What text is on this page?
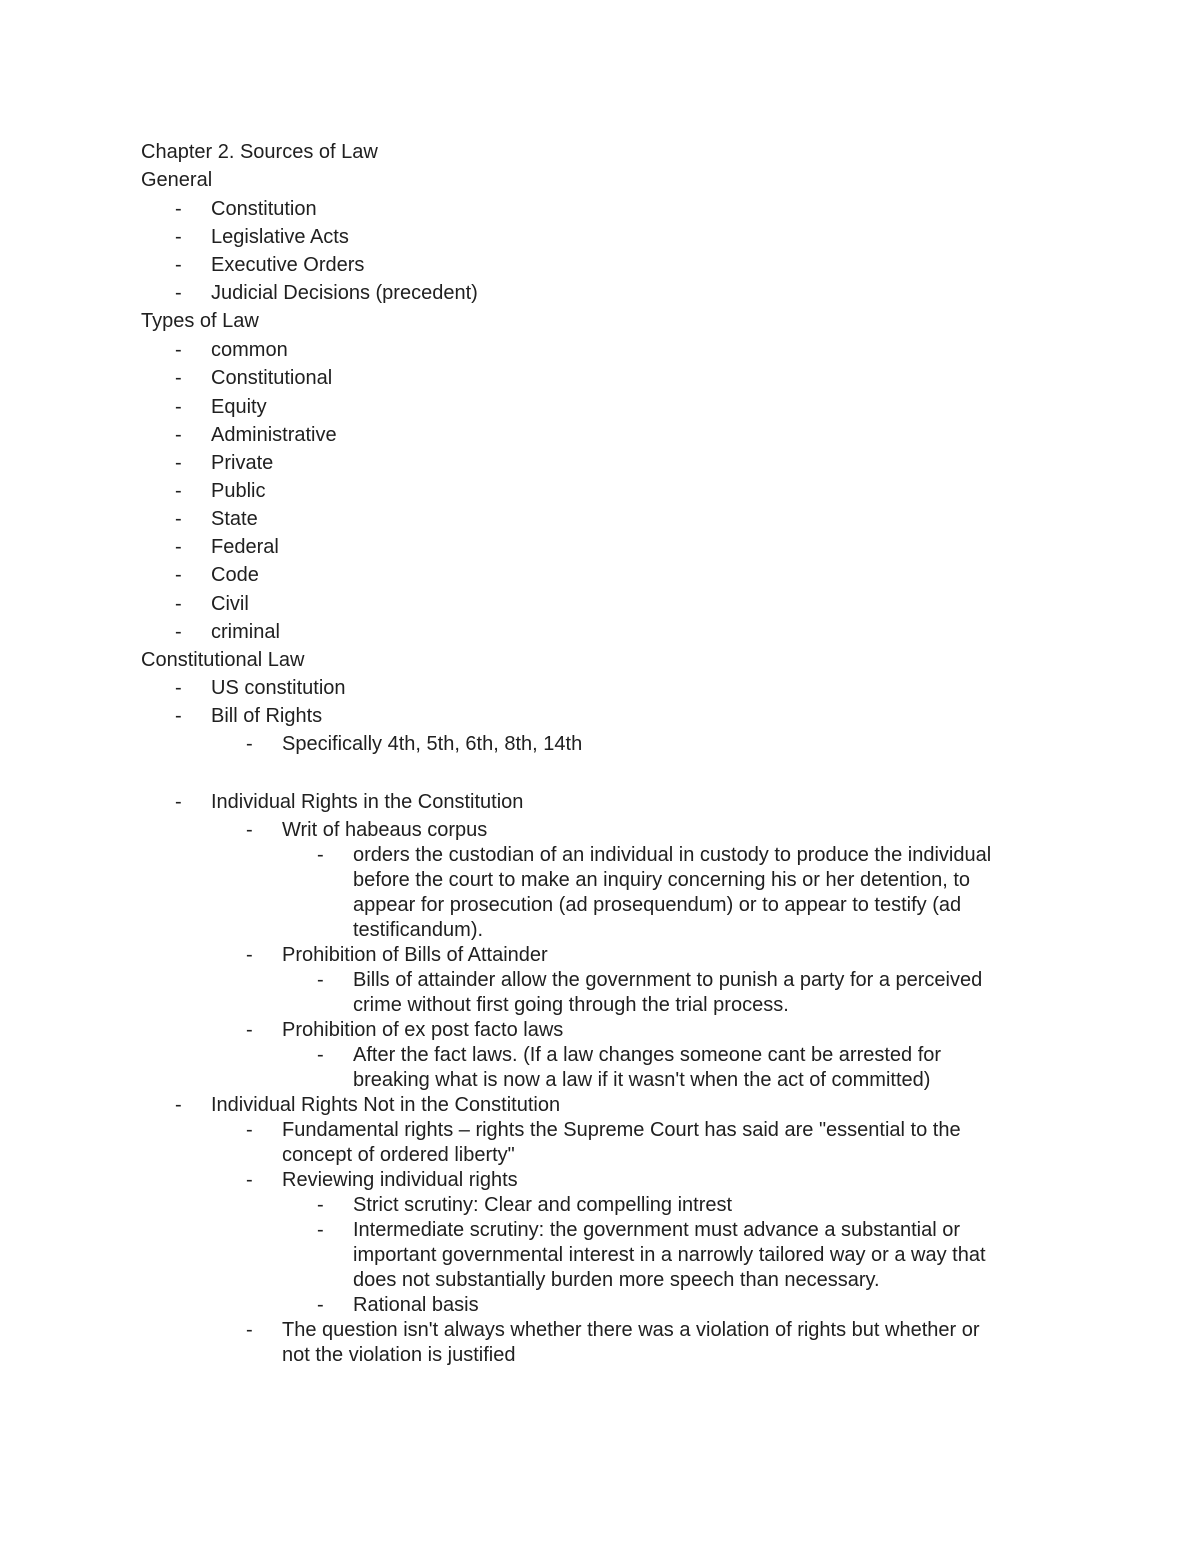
Chapter 2. Sources of Law
General
- Constitution
- Legislative Acts
- Executive Orders
- Judicial Decisions (precedent)
Types of Law
- common
- Constitutional
- Equity
- Administrative
- Private
- Public
- State
- Federal
- Code
- Civil
- criminal
Constitutional Law
- US constitution
- Bill of Rights
- Specifically 4th, 5th, 6th, 8th, 14th
- Individual Rights in the Constitution
- Writ of habeaus corpus
- orders the custodian of an individual in custody to produce the individual
before the court to make an inquiry concerning his or her detention, to
appear for prosecution (ad prosequendum) or to appear to testify (ad
testificandum).
- Prohibition of Bills of Attainder
- Bills of attainder allow the government to punish a party for a perceived
crime without first going through the trial process.
- Prohibition of ex post facto laws
- After the fact laws. (If a law changes someone cant be arrested for
breaking what is now a law if it wasn't when the act of committed)
- Individual Rights Not in the Constitution
- Fundamental rights – rights the Supreme Court has said are "essential to the
concept of ordered liberty"
- Reviewing individual rights
- Strict scrutiny: Clear and compelling intrest
- Intermediate scrutiny: the government must advance a substantial or
important governmental interest in a narrowly tailored way or a way that
does not substantially burden more speech than necessary.
- Rational basis
- The question isn't always whether there was a violation of rights but whether or
not the violation is justified
